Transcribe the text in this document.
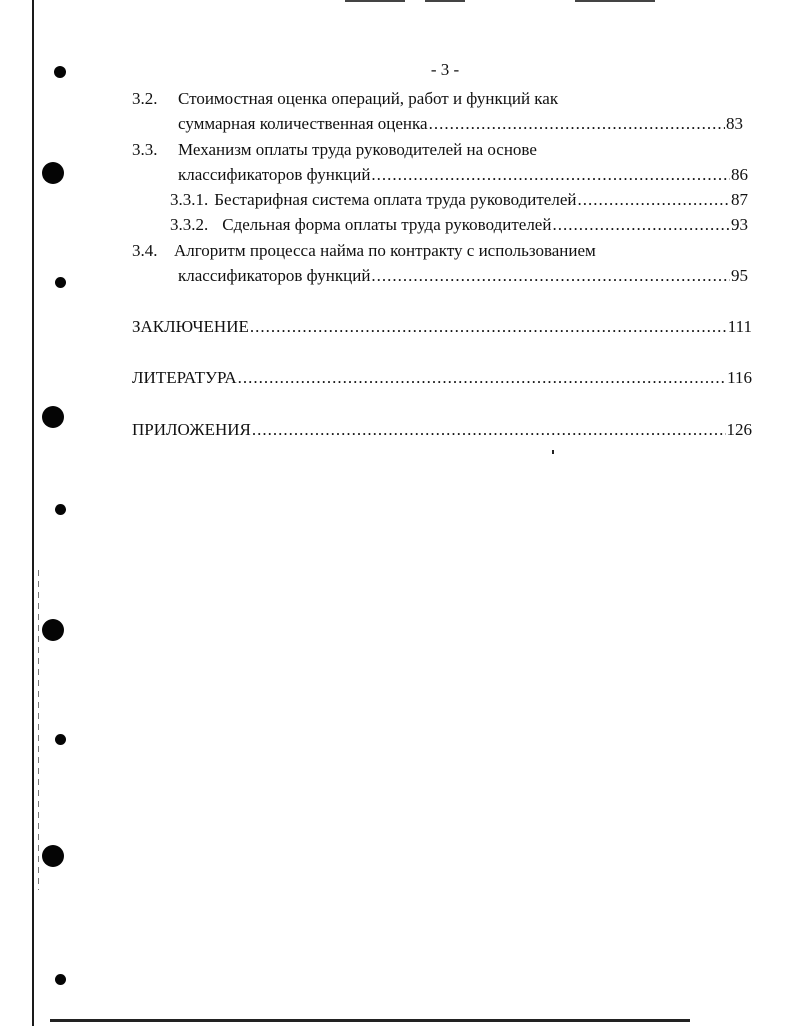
- 3 -
3.2. Стоимостная оценка операций, работ и функций как
суммарная количественная оценка .....	83
3.3. Механизм оплаты труда руководителей на основе
классификаторов функций .....	86
3.3.1. Бестарифная система оплата труда руководителей .....	87
3.3.2. Сдельная форма оплаты труда руководителей .....	93
3.4. Алгоритм процесса найма по контракту с использованием
классификаторов функций .....	95
ЗАКЛЮЧЕНИЕ .....	111
ЛИТЕРАТУРА .....	116
ПРИЛОЖЕНИЯ .....	126
